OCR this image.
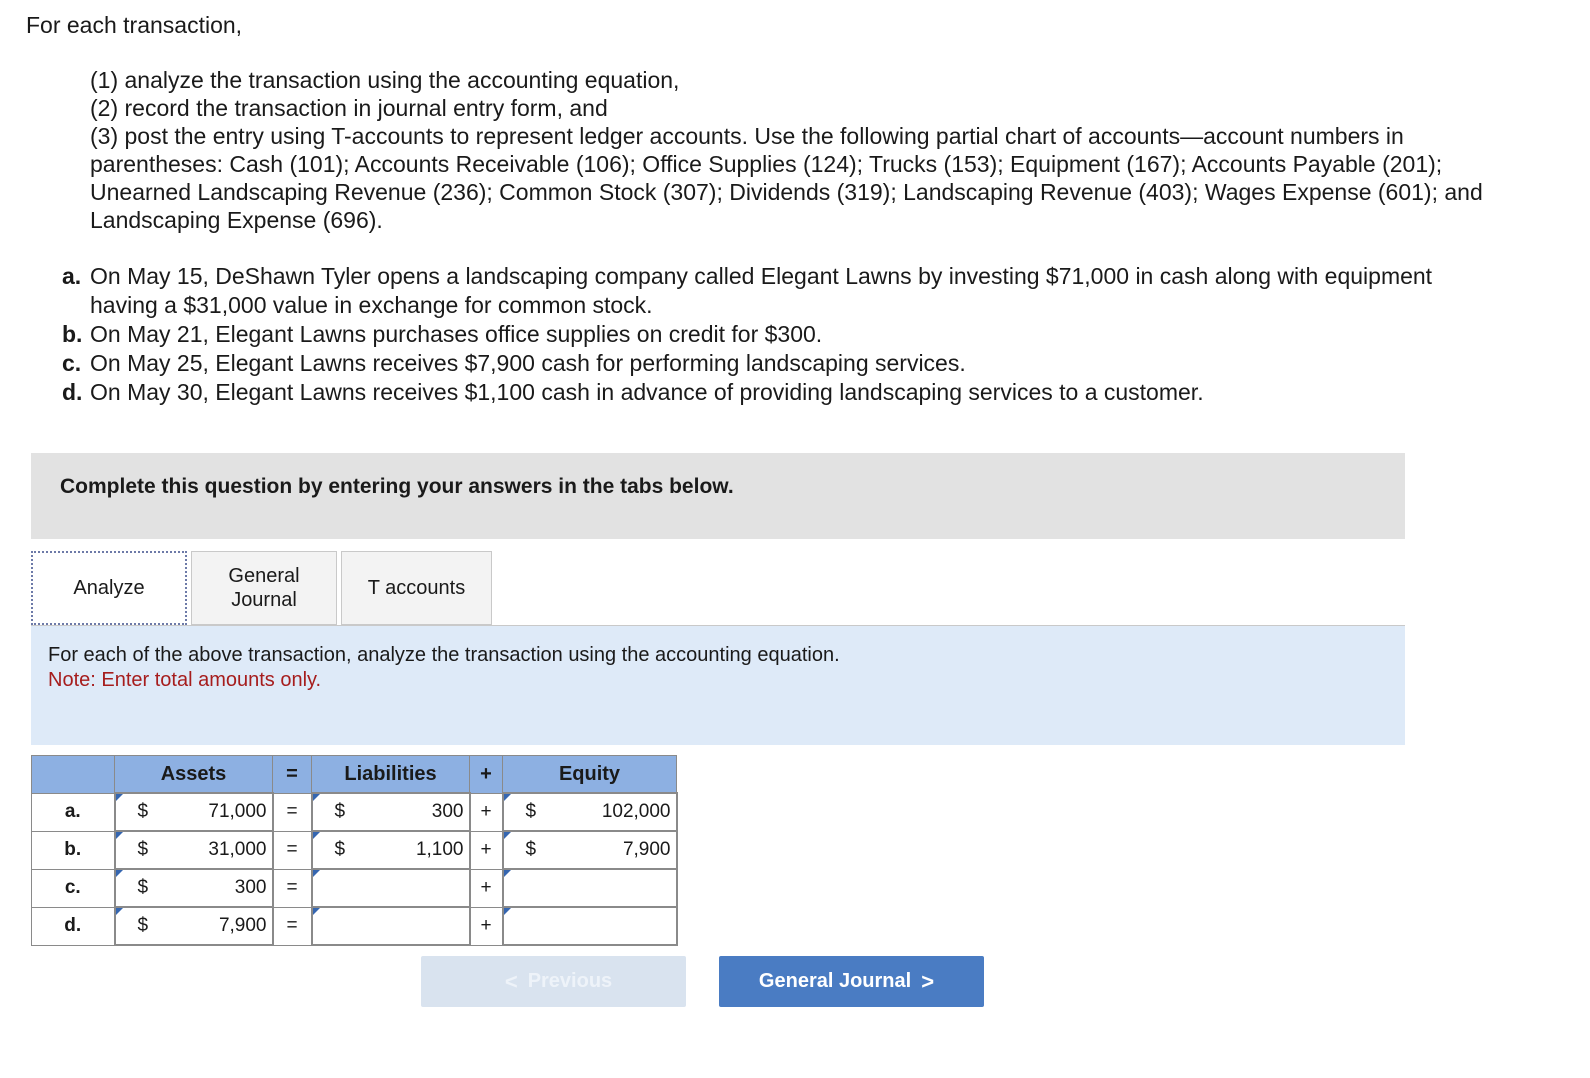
For each transaction,
(1) analyze the transaction using the accounting equation,
(2) record the transaction in journal entry form, and
(3) post the entry using T-accounts to represent ledger accounts. Use the following partial chart of accounts—account numbers in parentheses: Cash (101); Accounts Receivable (106); Office Supplies (124); Trucks (153); Equipment (167); Accounts Payable (201); Unearned Landscaping Revenue (236); Common Stock (307); Dividends (319); Landscaping Revenue (403); Wages Expense (601); and Landscaping Expense (696).
a. On May 15, DeShawn Tyler opens a landscaping company called Elegant Lawns by investing $71,000 in cash along with equipment having a $31,000 value in exchange for common stock.
b. On May 21, Elegant Lawns purchases office supplies on credit for $300.
c. On May 25, Elegant Lawns receives $7,900 cash for performing landscaping services.
d. On May 30, Elegant Lawns receives $1,100 cash in advance of providing landscaping services to a customer.
Complete this question by entering your answers in the tabs below.
Analyze
General
Journal
T accounts
For each of the above transaction, analyze the transaction using the accounting equation.
Note: Enter total amounts only.
	Assets	=	Liabilities	+	Equity
a.	$ 71,000	=	$ 300	+	$ 102,000

b.	$ 31,000	=	$ 1,100	+	$ 7,900

c.	$ 300	=		+	

d.	$ 7,900	=		+	
< Previous	General Journal >
